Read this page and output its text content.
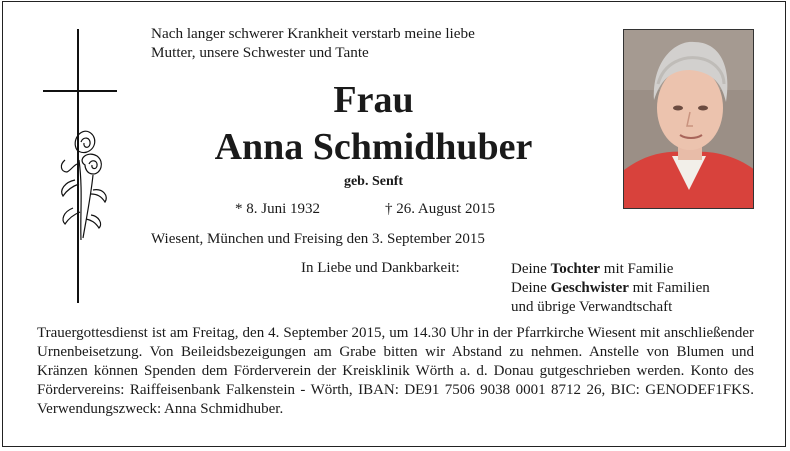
Nach langer schwerer Krankheit verstarb meine liebe
Mutter, unsere Schwester und Tante
Frau
Anna Schmidhuber
geb. Senft
* 8. Juni 1932	† 26. August 2015
Wiesent, München und Freising den 3. September 2015
In Liebe und Dankbarkeit:	Deine Tochter mit Familie
Deine Geschwister mit Familien
und übrige Verwandtschaft
Trauergottesdienst ist am Freitag, den 4. September 2015, um 14.30 Uhr in der Pfarrkirche Wiesent mit anschließender Urnenbeisetzung. Von Beileidsbezeigungen am Grabe bitten wir Abstand zu nehmen. Anstelle von Blumen und Kränzen können Spenden dem Förderverein der Kreisklinik Wörth a. d. Donau gutgeschrieben werden. Konto des Fördervereins: Raiffeisenbank Falkenstein - Wörth, IBAN: DE91 7506 9038 0001 8712 26, BIC: GENODEF1FKS. Verwendungszweck: Anna Schmidhuber.
